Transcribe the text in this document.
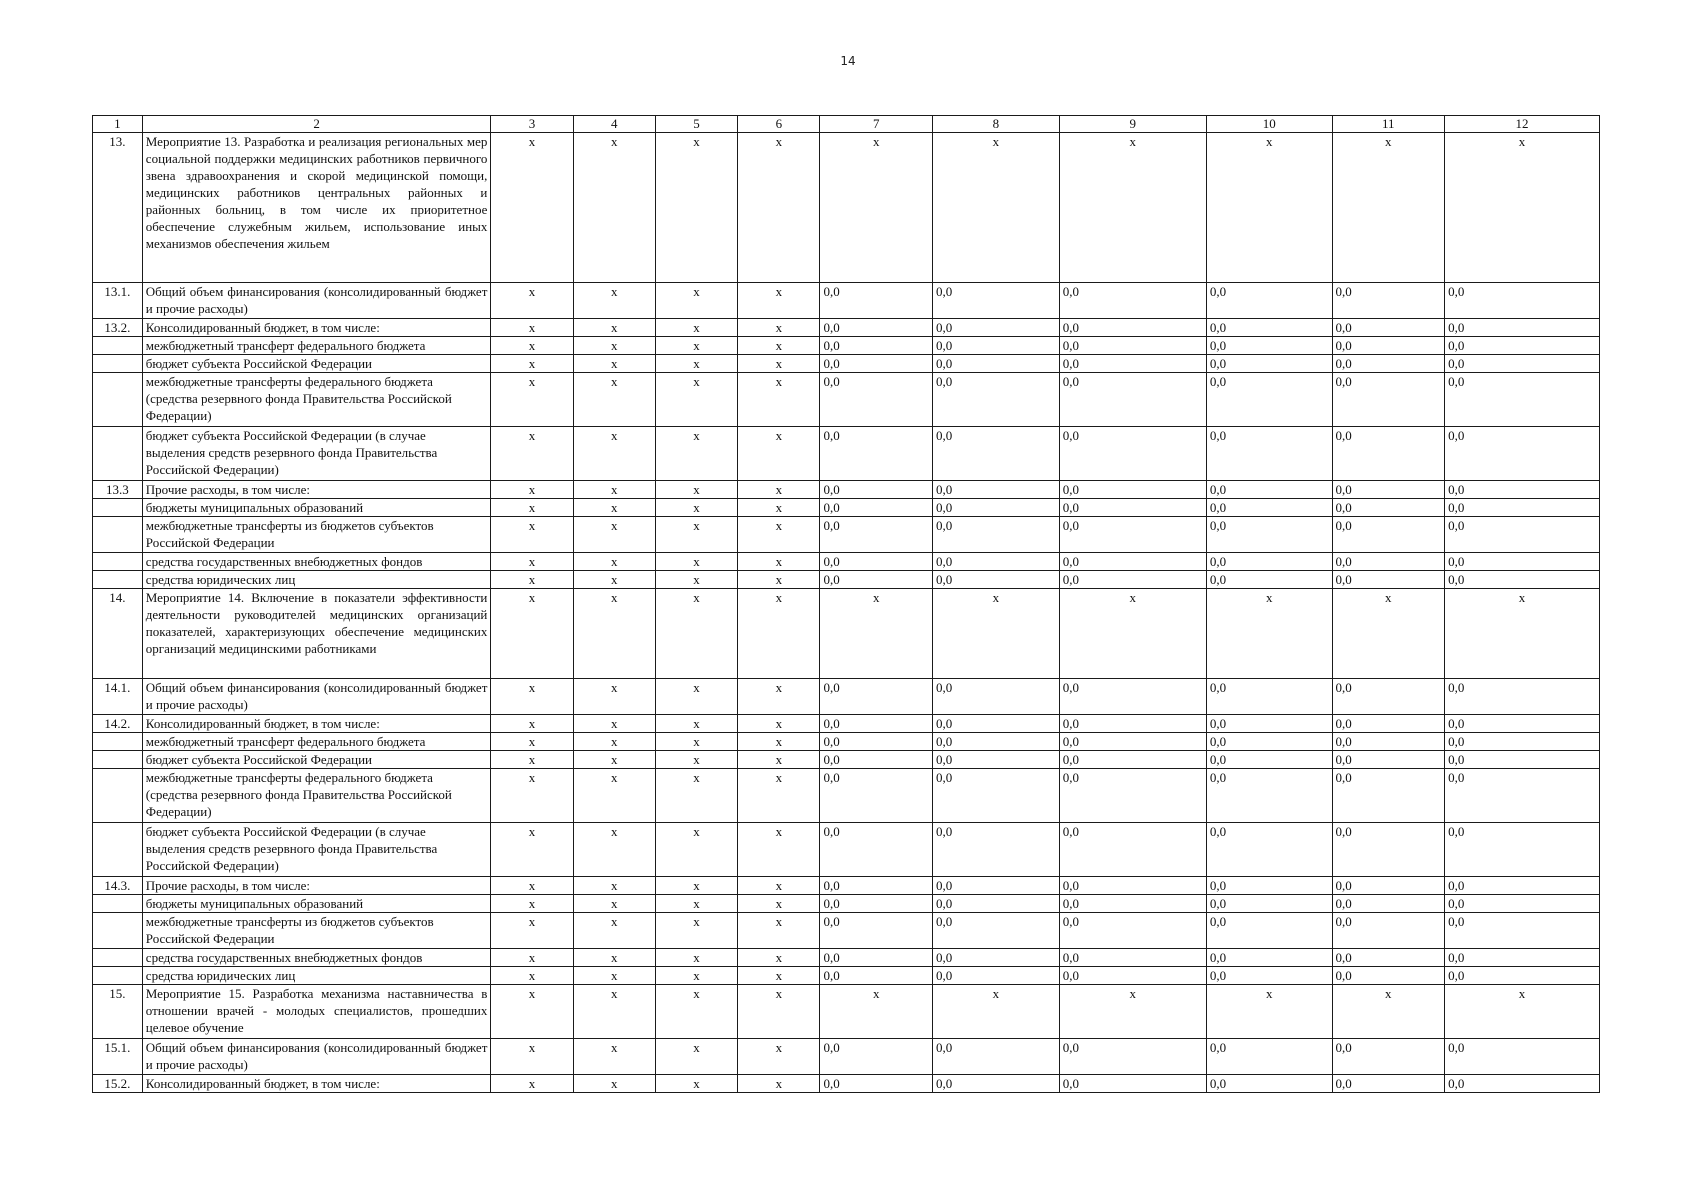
14
1	2	3	4	5	6	7	8	9	10	11	12
13.	Мероприятие 13. Разработка и реализация региональных мер социальной поддержки медицинских работников первичного звена здравоохранения и скорой медицинской помощи, медицинских работников центральных районных и районных больниц, в том числе их приоритетное обеспечение служебным жильем, использование иных механизмов обеспечения жильем	x	x	x	x	x	x	x	x	x	x
13.1.	Общий объем финансирования (консолидированный бюджет и прочие расходы)	x	x	x	x	0,0	0,0	0,0	0,0	0,0	0,0
13.2.	Консолидированный бюджет, в том числе:	x	x	x	x	0,0	0,0	0,0	0,0	0,0	0,0
	межбюджетный трансферт федерального бюджета	x	x	x	x	0,0	0,0	0,0	0,0	0,0	0,0
	бюджет субъекта Российской Федерации	x	x	x	x	0,0	0,0	0,0	0,0	0,0	0,0
	межбюджетные трансферты федерального бюджета (средства резервного фонда Правительства Российской Федерации)	x	x	x	x	0,0	0,0	0,0	0,0	0,0	0,0
	бюджет субъекта Российской Федерации (в случае выделения средств резервного фонда Правительства Российской Федерации)	x	x	x	x	0,0	0,0	0,0	0,0	0,0	0,0
13.3	Прочие расходы, в том числе:	x	x	x	x	0,0	0,0	0,0	0,0	0,0	0,0
	бюджеты муниципальных образований	x	x	x	x	0,0	0,0	0,0	0,0	0,0	0,0
	межбюджетные трансферты из бюджетов субъектов Российской Федерации	x	x	x	x	0,0	0,0	0,0	0,0	0,0	0,0
	средства государственных внебюджетных фондов	x	x	x	x	0,0	0,0	0,0	0,0	0,0	0,0
	средства юридических лиц	x	x	x	x	0,0	0,0	0,0	0,0	0,0	0,0
14.	Мероприятие 14. Включение в показатели эффективности деятельности руководителей медицинских организаций показателей, характеризующих обеспечение медицинских организаций медицинскими работниками	x	x	x	x	x	x	x	x	x	x
14.1.	Общий объем финансирования (консолидированный бюджет и прочие расходы)	x	x	x	x	0,0	0,0	0,0	0,0	0,0	0,0
14.2.	Консолидированный бюджет, в том числе:	x	x	x	x	0,0	0,0	0,0	0,0	0,0	0,0
	межбюджетный трансферт федерального бюджета	x	x	x	x	0,0	0,0	0,0	0,0	0,0	0,0
	бюджет субъекта Российской Федерации	x	x	x	x	0,0	0,0	0,0	0,0	0,0	0,0
	межбюджетные трансферты федерального бюджета (средства резервного фонда Правительства Российской Федерации)	x	x	x	x	0,0	0,0	0,0	0,0	0,0	0,0
	бюджет субъекта Российской Федерации (в случае выделения средств резервного фонда Правительства Российской Федерации)	x	x	x	x	0,0	0,0	0,0	0,0	0,0	0,0
14.3.	Прочие расходы, в том числе:	x	x	x	x	0,0	0,0	0,0	0,0	0,0	0,0
	бюджеты муниципальных образований	x	x	x	x	0,0	0,0	0,0	0,0	0,0	0,0
	межбюджетные трансферты из бюджетов субъектов Российской Федерации	x	x	x	x	0,0	0,0	0,0	0,0	0,0	0,0
	средства государственных внебюджетных фондов	x	x	x	x	0,0	0,0	0,0	0,0	0,0	0,0
	средства юридических лиц	x	x	x	x	0,0	0,0	0,0	0,0	0,0	0,0
15.	Мероприятие 15. Разработка механизма наставничества в отношении врачей - молодых специалистов, прошедших целевое обучение	x	x	x	x	x	x	x	x	x	x
15.1.	Общий объем финансирования (консолидированный бюджет и прочие расходы)	x	x	x	x	0,0	0,0	0,0	0,0	0,0	0,0
15.2.	Консолидированный бюджет, в том числе:	x	x	x	x	0,0	0,0	0,0	0,0	0,0	0,0
